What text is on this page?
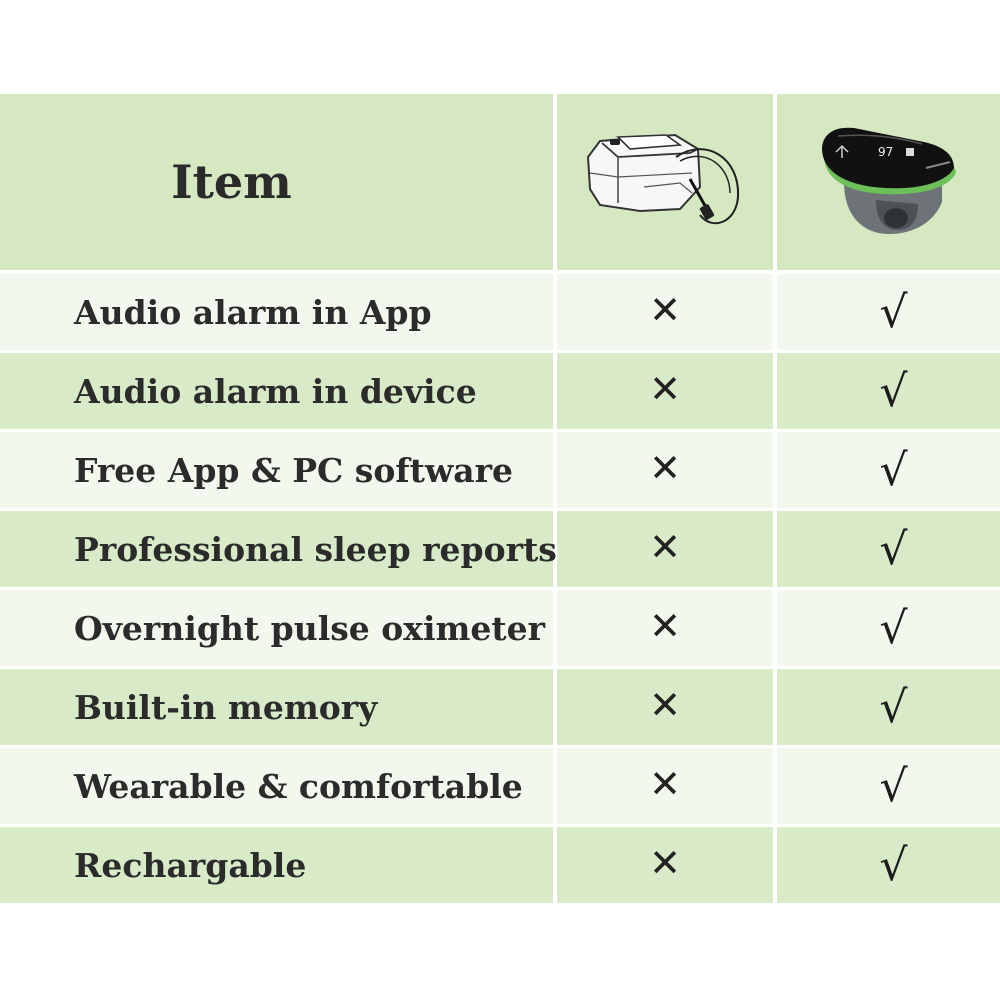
Item
97
Audio alarm in App	✕	√
Audio alarm in device	✕	√
Free App & PC software	✕	√
Professional sleep reports ✕	√
Overnight pulse oximeter	✕	√
Built-in memory	✕	√
Wearable & comfortable	✕	√
Rechargable	✕	√
